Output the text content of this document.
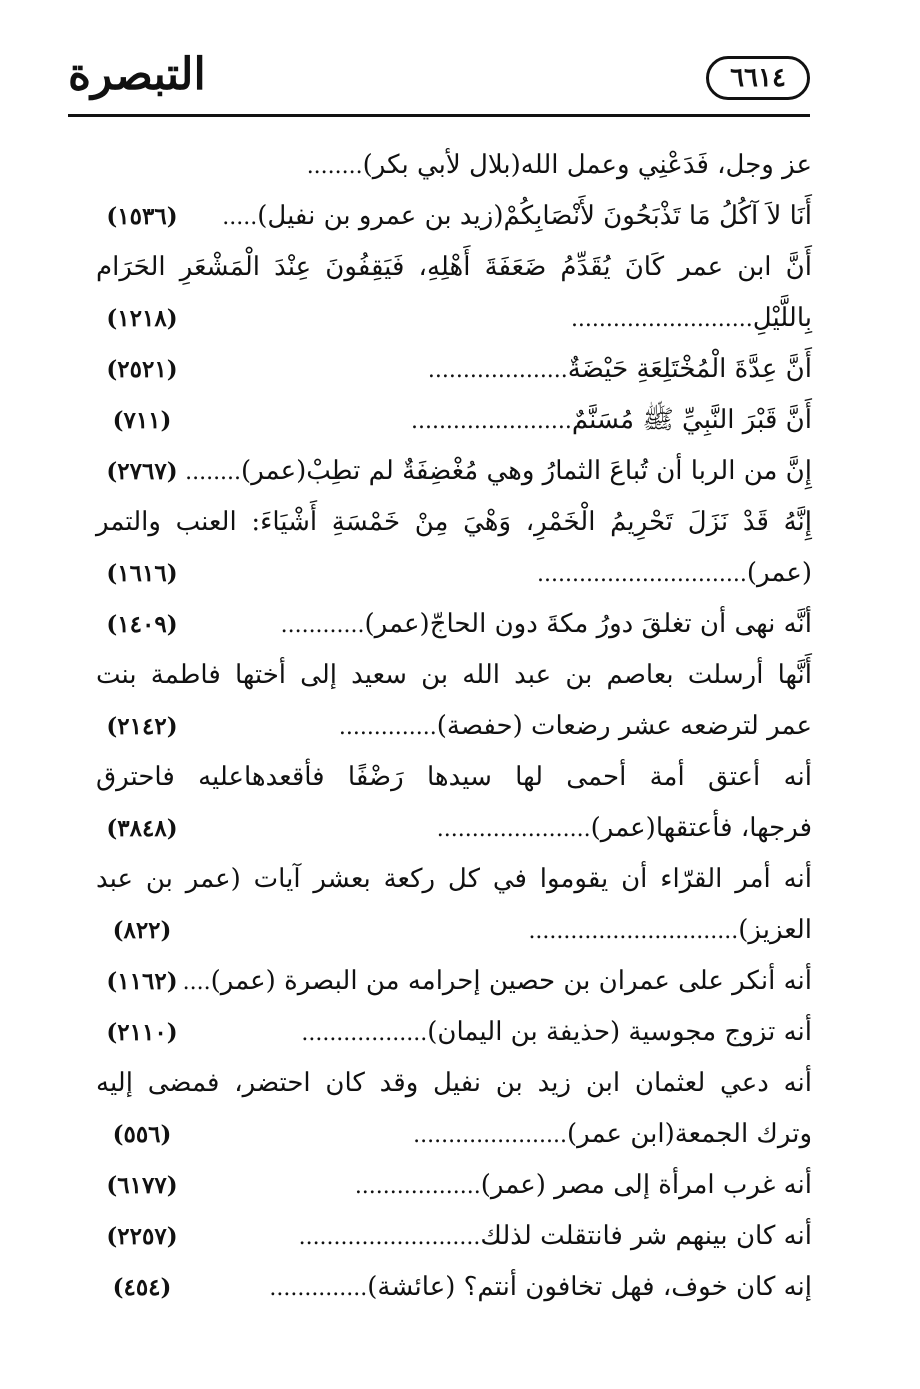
التبصرة	٦٦١٤
عز وجل، فَدَعْنِي وعمل الله(بلال لأبي بكر)........
أَنَا لاَ آكُلُ مَا تَذْبَحُونَ لأَنْصَابِكُمْ(زيد بن عمرو بن نفيل).....
(١٥٣٦)
أَنَّ ابن عمر كَانَ يُقَدِّمُ ضَعَفَةَ أَهْلِهِ، فَيَقِفُونَ عِنْدَ الْمَشْعَرِ الحَرَام
بِاللَّيْلِ..........................
(١٢١٨)
أَنَّ عِدَّةَ الْمُخْتَلِعَةِ حَيْضَةٌ....................
(٢٥٢١)
أَنَّ قَبْرَ النَّبِيِّ ﷺ مُسَنَّمٌ.......................
(٧١١)
إِنَّ من الربا أن تُباعَ الثمارُ وهي مُغْضِفَةٌ لم تطِبْ(عمر)........
(٢٧٦٧)
إِنَّهُ قَدْ نَزَلَ تَحْرِيمُ الْخَمْرِ، وَهْيَ مِنْ خَمْسَةِ أَشْيَاءَ: العنب والتمر
(عمر)..............................
(١٦١٦)
أنَّه نهى أن تغلقَ دورُ مكةَ دون الحاجّ(عمر)............
(١٤٠٩)
أَنَّها أرسلت بعاصم بن عبد الله بن سعيد إلى أختها فاطمة بنت
عمر لترضعه عشر رضعات (حفصة)..............
(٢١٤٢)
أنه أعتق أمة أحمى لها سيدها رَضْفًا فأقعدهاعليه فاحترق
فرجها، فأعتقها(عمر)......................
(٣٨٤٨)
أنه أمر القرّاء أن يقوموا في كل ركعة بعشر آيات (عمر بن عبد
العزيز)..............................
(٨٢٢)
أنه أنكر على عمران بن حصين إحرامه من البصرة (عمر)....
(١١٦٢)
أنه تزوج مجوسية (حذيفة بن اليمان)..................
(٢١١٠)
أنه دعي لعثمان ابن زيد بن نفيل وقد كان احتضر، فمضى إليه
وترك الجمعة(ابن عمر)......................
(٥٥٦)
أنه غرب امرأة إلى مصر (عمر)..................
(٦١٧٧)
أنه كان بينهم شر فانتقلت لذلك..........................
(٢٢٥٧)
إنه كان خوف، فهل تخافون أنتم؟ (عائشة)..............
(٤٥٤)
